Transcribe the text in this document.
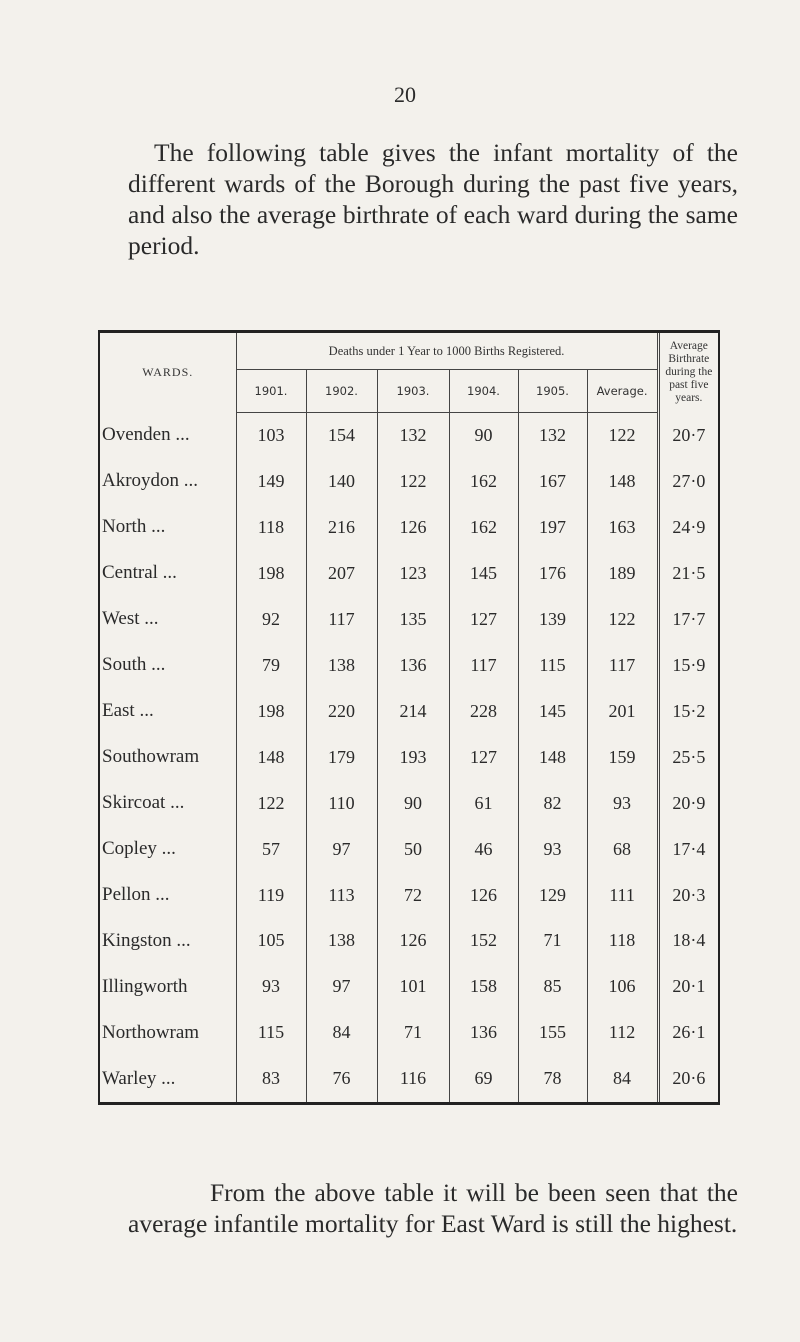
20

The following table gives the infant mortality of the different wards of the Borough during the past five years, and also the average birthrate of each ward during the same period.

WARDS.	Deaths under 1 Year to 1000 Births Registered.						Average Birthrate during the past five years.
	1901.	1902.	1903.	1904.	1905.	Average.	
Ovenden ...	103	154	132	90	132	122	20·7
Akroydon ...	149	140	122	162	167	148	27·0
North ...	118	216	126	162	197	163	24·9
Central ...	198	207	123	145	176	189	21·5
West ...	92	117	135	127	139	122	17·7
South ...	79	138	136	117	115	117	15·9
East ...	198	220	214	228	145	201	15·2
Southowram	148	179	193	127	148	159	25·5
Skircoat ...	122	110	90	61	82	93	20·9
Copley ...	57	97	50	46	93	68	17·4
Pellon ...	119	113	72	126	129	111	20·3
Kingston ...	105	138	126	152	71	118	18·4
Illingworth	93	97	101	158	85	106	20·1
Northowram	115	84	71	136	155	112	26·1
Warley ...	83	76	116	69	78	84	20·6

From the above table it will be been seen that the average infantile mortality for East Ward is still the highest.
